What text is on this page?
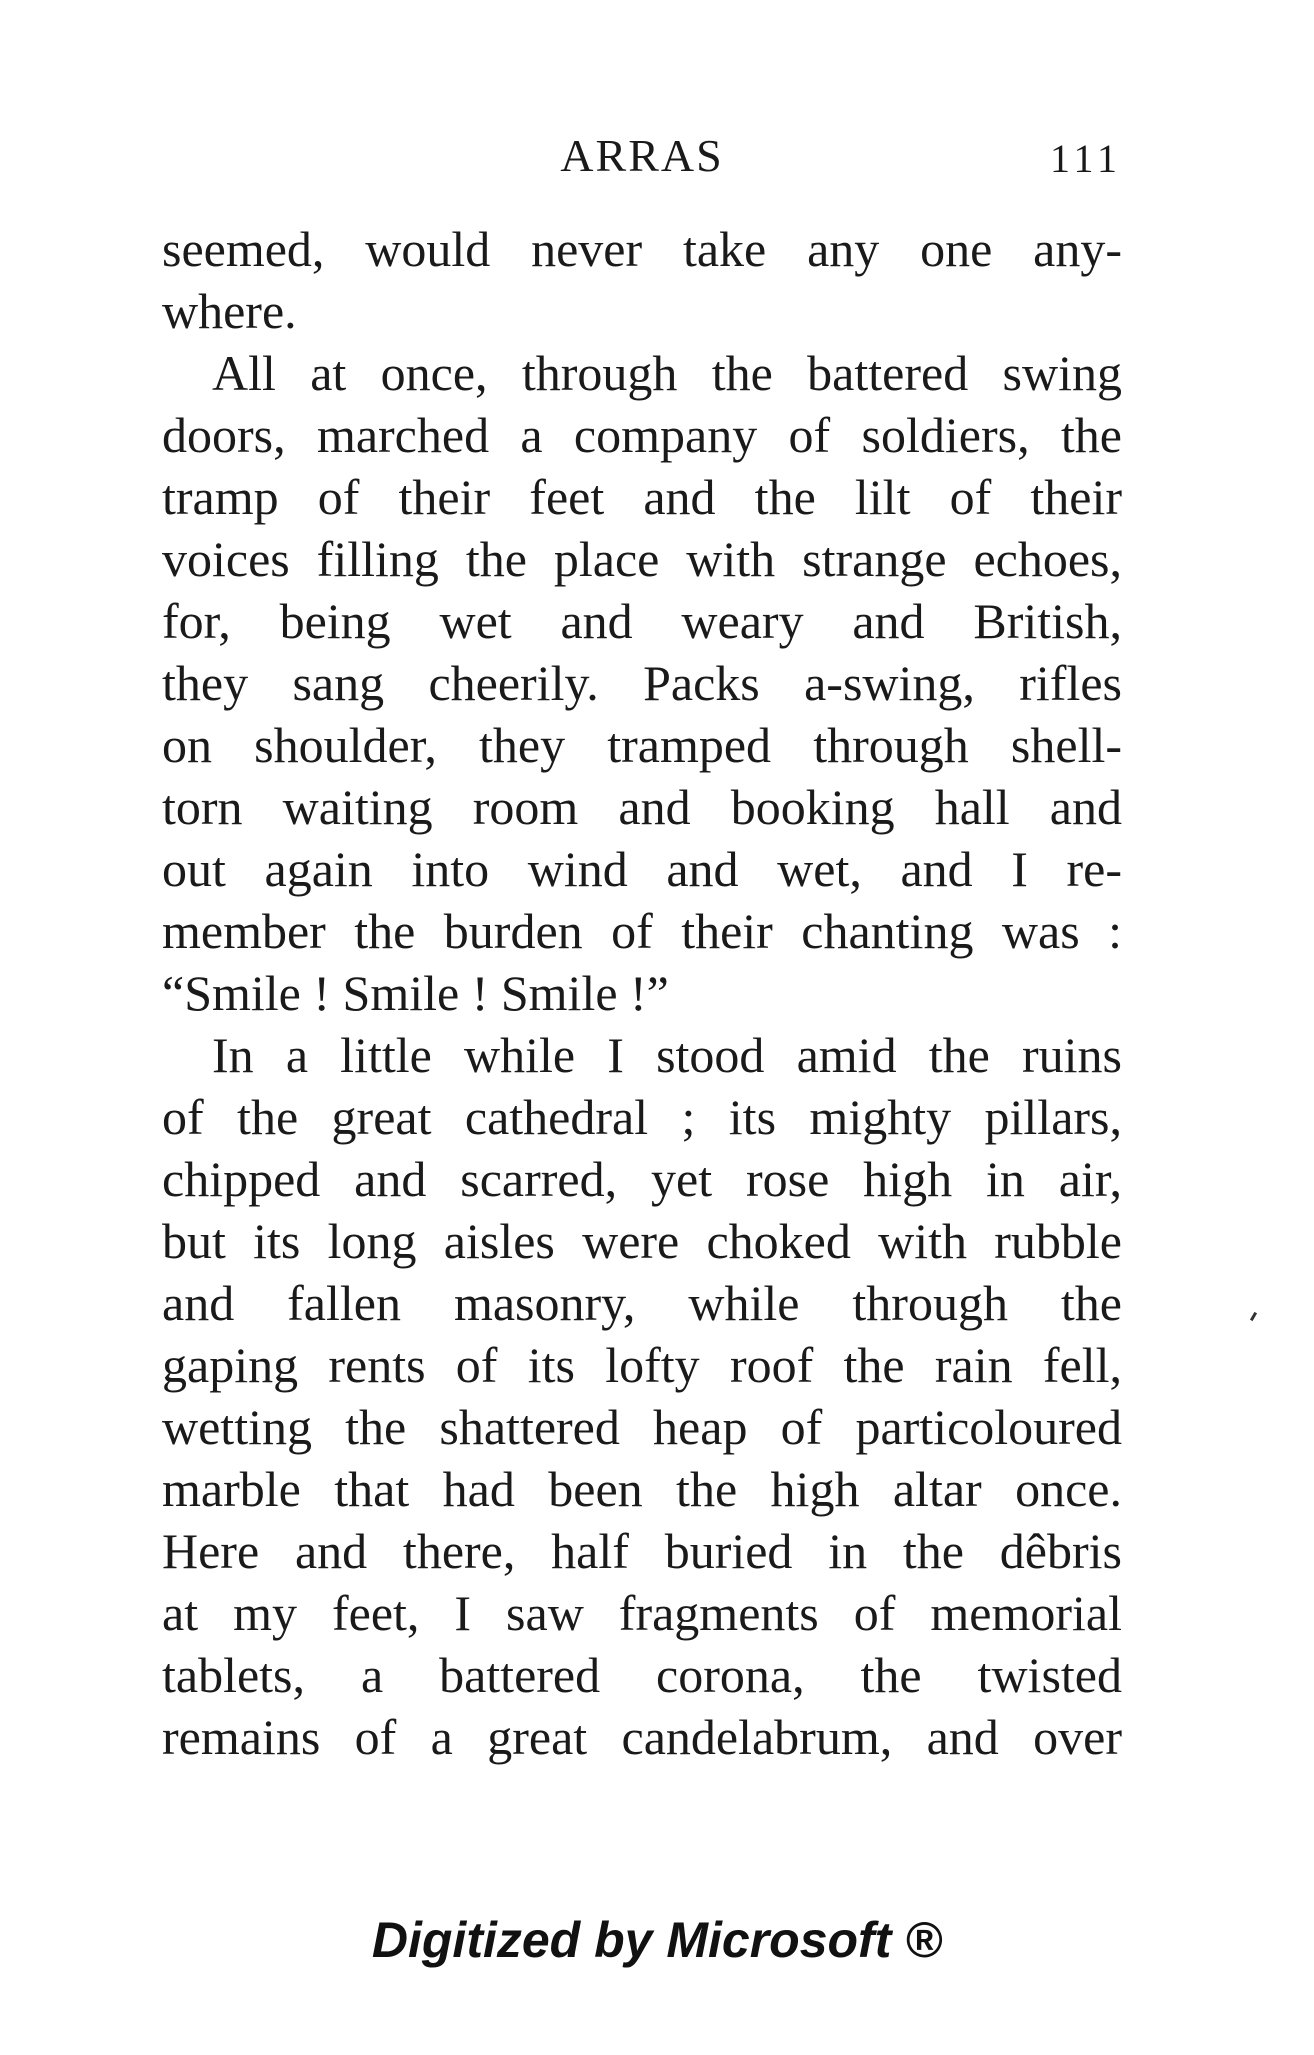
ARRAS	111
seemed, would never take any one any-
where.
All at once, through the battered swing
doors, marched a company of soldiers, the
tramp of their feet and the lilt of their
voices filling the place with strange echoes,
for, being wet and weary and British,
they sang cheerily. Packs a-swing, rifles
on shoulder, they tramped through shell-
torn waiting room and booking hall and
out again into wind and wet, and I re-
member the burden of their chanting was :
“Smile ! Smile ! Smile !”
In a little while I stood amid the ruins
of the great cathedral ; its mighty pillars,
chipped and scarred, yet rose high in air,
but its long aisles were choked with rubble
and fallen masonry, while through the
gaping rents of its lofty roof the rain fell,
wetting the shattered heap of particoloured
marble that had been the high altar once.
Here and there, half buried in the dêbris
at my feet, I saw fragments of memorial
tablets, a battered corona, the twisted
remains of a great candelabrum, and over
Digitized by Microsoft ®
